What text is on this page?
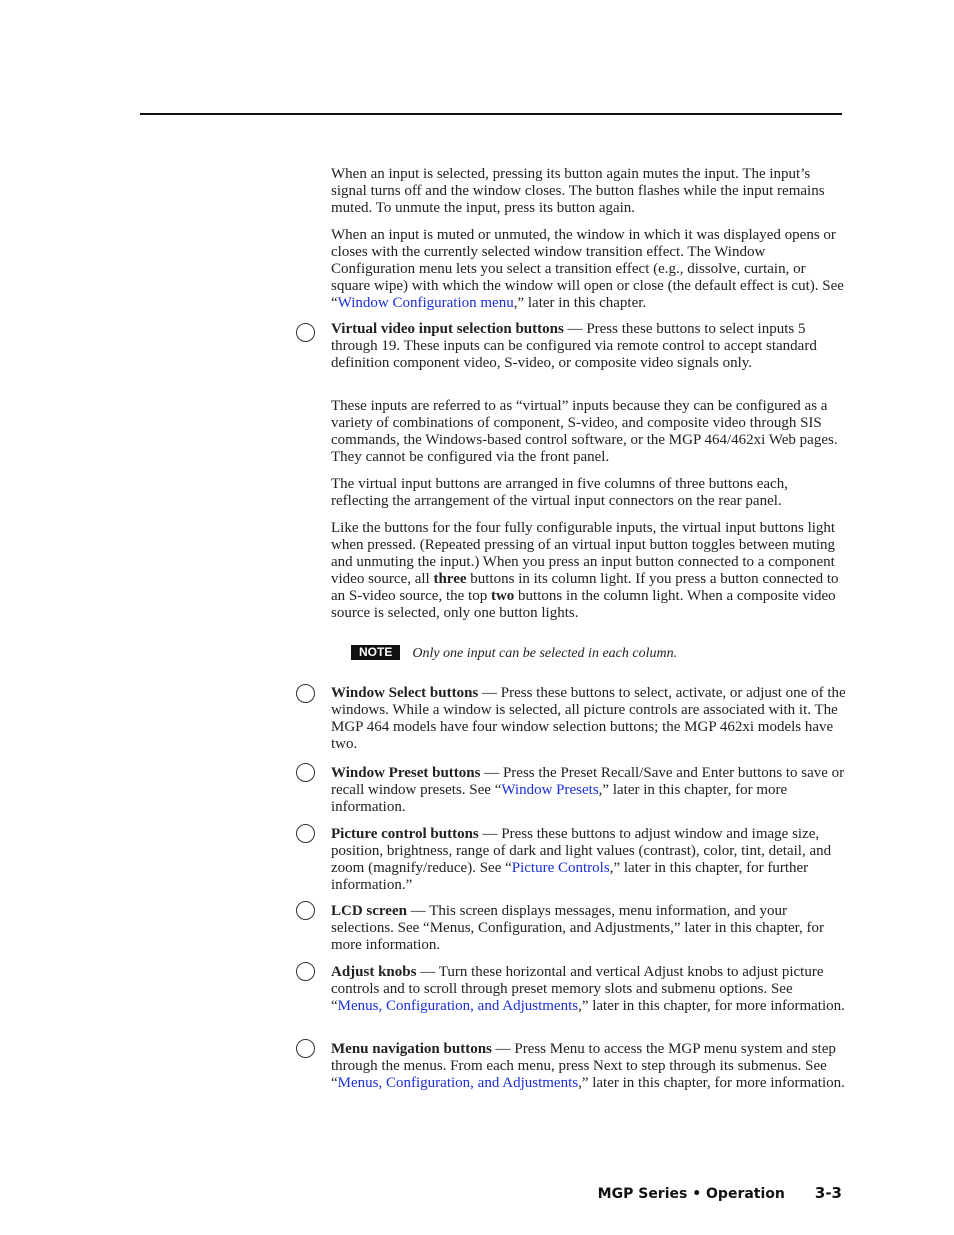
When an input is selected, pressing its button again mutes the input. The input’s signal turns off and the window closes. The button flashes while the input remains muted. To unmute the input, press its button again.

When an input is muted or unmuted, the window in which it was displayed opens or closes with the currently selected window transition effect. The Window Configuration menu lets you select a transition effect (e.g., dissolve, curtain, or square wipe) with which the window will open or close (the default effect is cut). See “Window Configuration menu,” later in this chapter.

Virtual video input selection buttons — Press these buttons to select inputs 5 through 19. These inputs can be configured via remote control to accept standard definition component video, S-video, or composite video signals only.

These inputs are referred to as “virtual” inputs because they can be configured as a variety of combinations of component, S-video, and composite video through SIS commands, the Windows-based control software, or the MGP 464/462xi Web pages. They cannot be configured via the front panel.

The virtual input buttons are arranged in five columns of three buttons each, reflecting the arrangement of the virtual input connectors on the rear panel.

Like the buttons for the four fully configurable inputs, the virtual input buttons light when pressed. (Repeated pressing of an virtual input button toggles between muting and unmuting the input.) When you press an input button connected to a component video source, all three buttons in its column light. If you press a button connected to an S-video source, the top two buttons in the column light. When a composite video source is selected, only one button lights.

NOTE Only one input can be selected in each column.

Window Select buttons — Press these buttons to select, activate, or adjust one of the windows. While a window is selected, all picture controls are associated with it. The MGP 464 models have four window selection buttons; the MGP 462xi models have two.

Window Preset buttons — Press the Preset Recall/Save and Enter buttons to save or recall window presets. See “Window Presets,” later in this chapter, for more information.

Picture control buttons — Press these buttons to adjust window and image size, position, brightness, range of dark and light values (contrast), color, tint, detail, and zoom (magnify/reduce). See “Picture Controls,” later in this chapter, for further information.”

LCD screen — This screen displays messages, menu information, and your selections. See “Menus, Configuration, and Adjustments,” later in this chapter, for more information.

Adjust knobs — Turn these horizontal and vertical Adjust knobs to adjust picture controls and to scroll through preset memory slots and submenu options. See “Menus, Configuration, and Adjustments,” later in this chapter, for more information.

Menu navigation buttons — Press Menu to access the MGP menu system and step through the menus. From each menu, press Next to step through its submenus. See “Menus, Configuration, and Adjustments,” later in this chapter, for more information.

MGP Series • Operation 3-3
